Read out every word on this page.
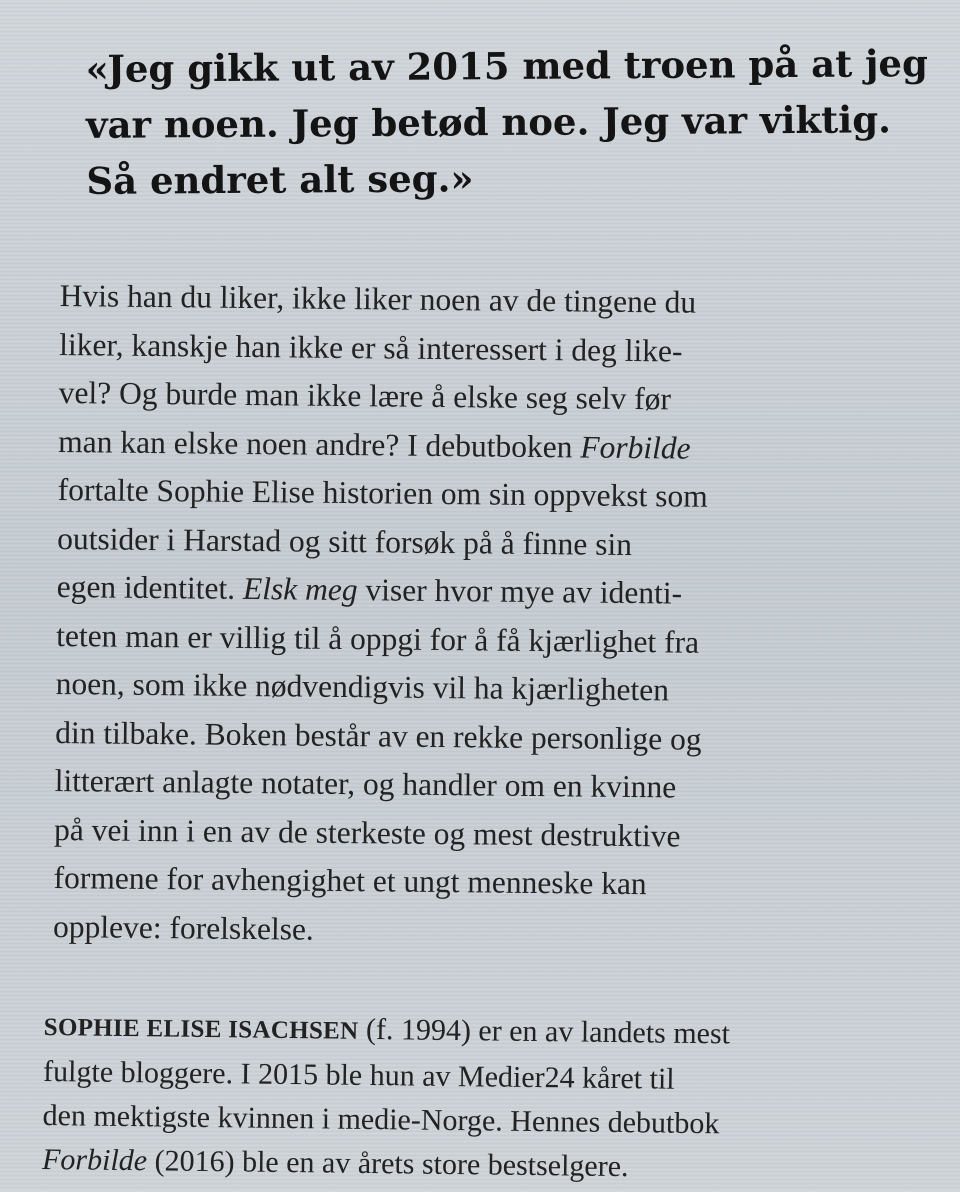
«Jeg gikk ut av 2015 med troen på at jeg
var noen. Jeg betød noe. Jeg var viktig.
Så endret alt seg.»
Hvis han du liker, ikke liker noen av de tingene du
liker, kanskje han ikke er så interessert i deg like-
vel? Og burde man ikke lære å elske seg selv før
man kan elske noen andre? I debutboken Forbilde
fortalte Sophie Elise historien om sin oppvekst som
outsider i Harstad og sitt forsøk på å finne sin
egen identitet. Elsk meg viser hvor mye av identi-
teten man er villig til å oppgi for å få kjærlighet fra
noen, som ikke nødvendigvis vil ha kjærligheten
din tilbake. Boken består av en rekke personlige og
litterært anlagte notater, og handler om en kvinne
på vei inn i en av de sterkeste og mest destruktive
formene for avhengighet et ungt menneske kan
oppleve: forelskelse.
SOPHIE ELISE ISACHSEN (f. 1994) er en av landets mest
fulgte bloggere. I 2015 ble hun av Medier24 kåret til
den mektigste kvinnen i medie-Norge. Hennes debutbok
Forbilde (2016) ble en av årets store bestselgere.
